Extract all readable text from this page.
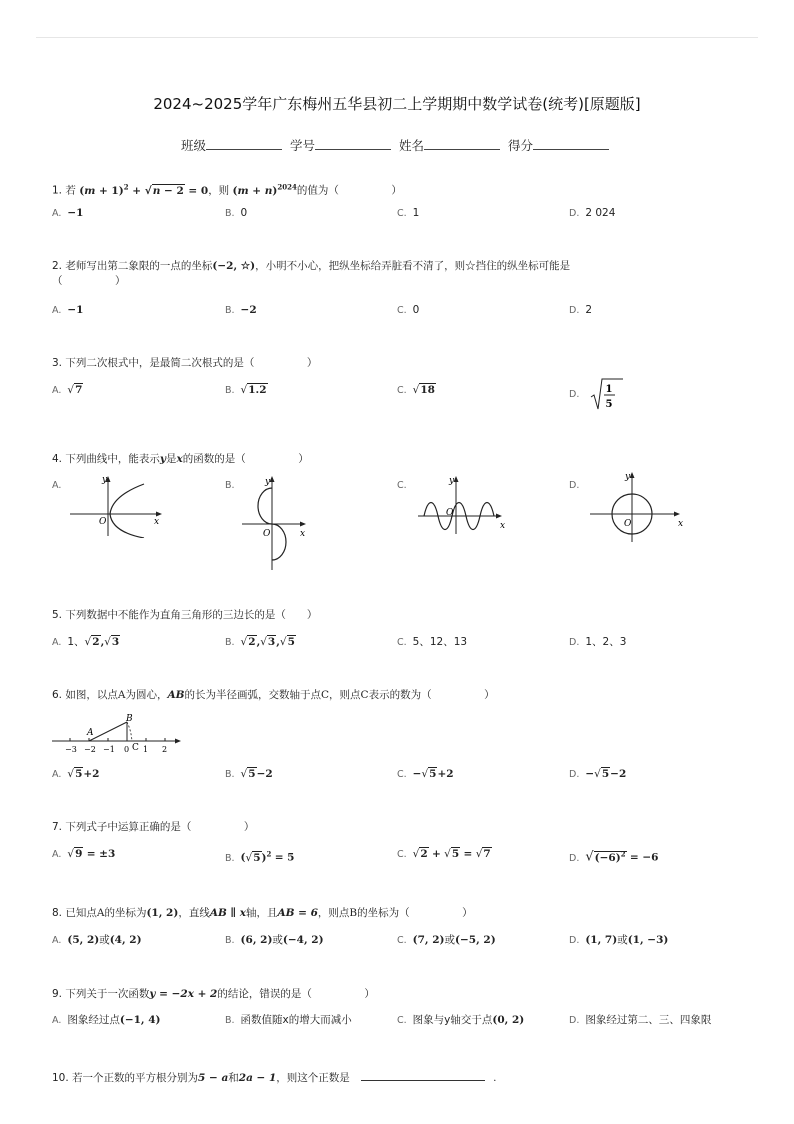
2024~2025学年广东梅州五华县初二上学期期中数学试卷(统考)[原题版]
班级	学号	姓名	得分
1. 若 $(m + 1)^2 + √n - 2 = 0$，则 $(m + n)^{2024}$的值为（　　　　　）
A. −1	B. 0	C. 1	D. 2 024
2. 老师写出第二象限的一点的坐标(−2, ☆)，小明不小心，把纵坐标给弄脏看不清了，则☆挡住的纵坐标可能是
（　　　　　）
A. −1	B. −2	C. 0	D. 2
3. 下列二次根式中，是最简二次根式的是（　　　　　）
A. √7	B. √1.2	C. √18	D.	1
5
4. 下列曲线中，能表示y是x的函数的是（　　　　　）
A.	B.	C.	D.
y
x
O
y
x
O
y
x
O
y
x
O
5. 下列数据中不能作为直角三角形的三边长的是（　　）
A. 1、√2,√3	B. √2,√3,√5	C. 5、12、13	D. 1、2、3
6. 如图，以点A为圆心，AB的长为半径画弧，交数轴于点C，则点C表示的数为（　　　　　）
A
B
C
−3 −2 −1 0 1 2
A. √5+2	B. √5−2	C. −√5+2	D. −√5−2
7. 下列式子中运算正确的是（　　　　　）
A. √9 = ±3	B. $(√5)^2 = 5$	C. √2 + √5 = √7	D. $√(-6)^2 = -6$
8. 已知点A的坐标为(1, 2)，直线AB ∥ x轴，且AB = 6，则点B的坐标为（　　　　　）
A. (5, 2)或(4, 2)	B. (6, 2)或(−4, 2)	C. (7, 2)或(−5, 2)	D. (1, 7)或(1, −3)
9. 下列关于一次函数y = −2x + 2的结论，错误的是（　　　　　）
A. 图象经过点(−1, 4)	B. 函数值随x的增大而减小	C. 图象与y轴交于点(0, 2)	D. 图象经过第二、三、四象限
10. 若一个正数的平方根分别为5 − a和2a − 1，则这个正数是	.
